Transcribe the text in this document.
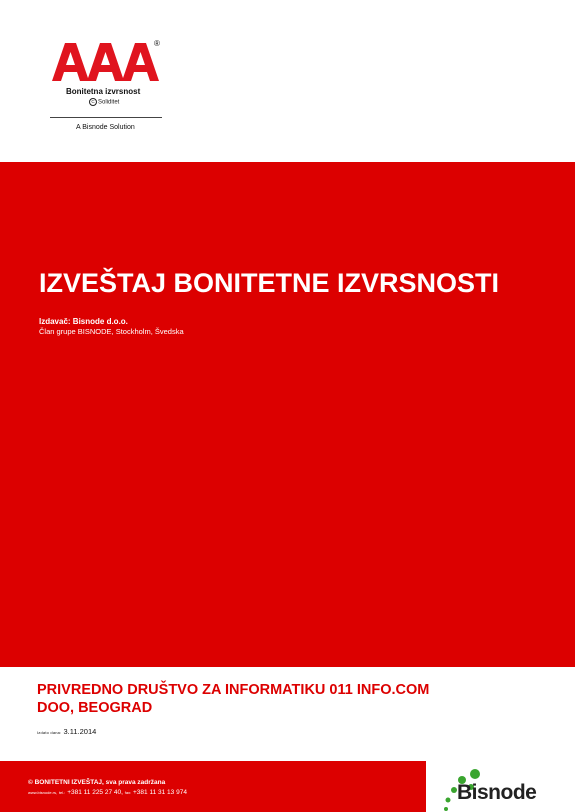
®
Bonitetna izvrsnost
C Soliditet
A Bisnode Solution
IZVEŠTAJ BONITETNE IZVRSNOSTI
Izdavač: Bisnode d.o.o.
Član grupe BISNODE, Stockholm, Švedska
PRIVREDNO DRUŠTVO ZA INFORMATIKU 011 INFO.COM
DOO, BEOGRAD
Izdato dana: 3.11.2014
© BONITETNI IZVEŠTAJ, sva prava zadržana
www.bisnode.rs, tel.: +381 11 225 27 40, fax: +381 11 31 13 974	Bisnode
